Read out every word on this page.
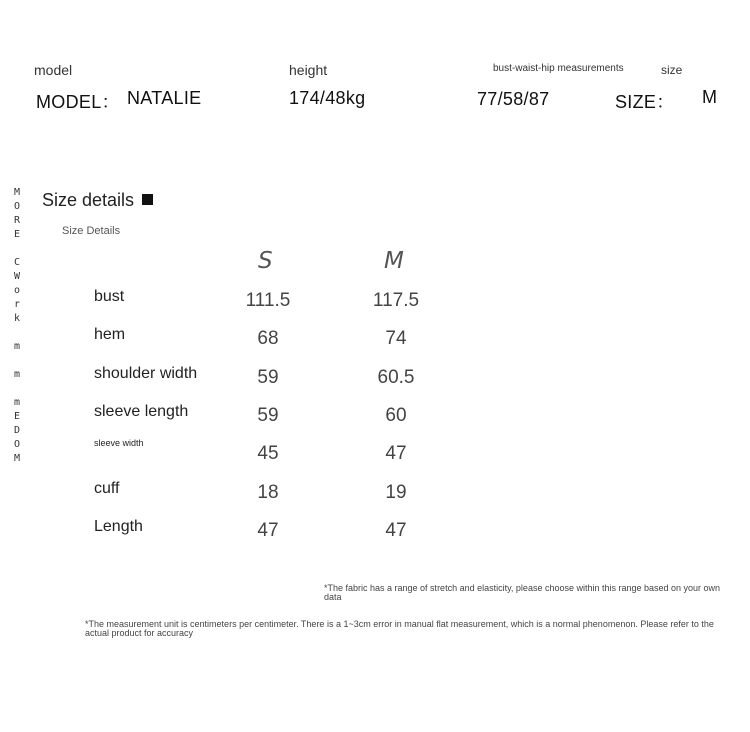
model	height	bust-waist-hip measurements	size
MODEL： NATALIE	174/48kg	77/58/87	SIZE： M
M
O
R
E
C
W
o
r
k
m
m
m
E
D
O
M
Size details
Size Details
S	M
bust	111.5	117.5
hem	68	74
shoulder width	59	60.5
sleeve length	59	60
sleeve width	45	47
cuff	18	19
Length	47	47
*The fabric has a range of stretch and elasticity, please choose within this range based on your own data
*The measurement unit is centimeters per centimeter. There is a 1~3cm error in manual flat measurement, which is a normal phenomenon. Please refer to the actual product for accuracy
